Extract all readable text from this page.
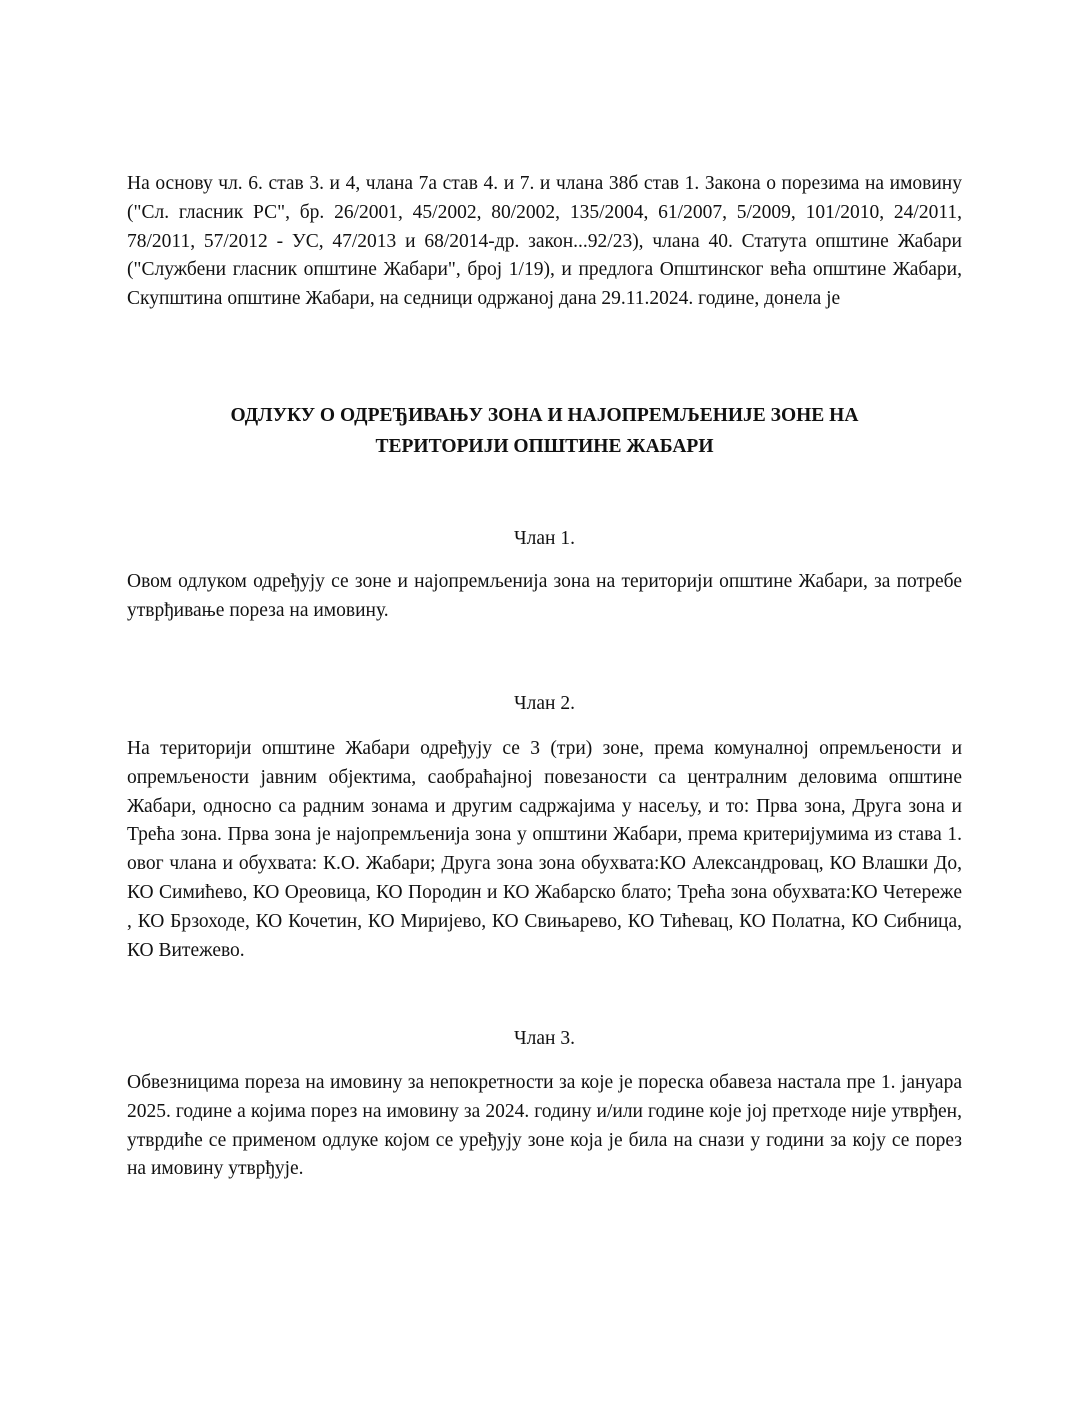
На основу чл. 6. став 3. и 4, члана 7а став 4. и 7. и члана 38б став 1. Закона о порезима на имовину ("Сл. гласник РС", бр. 26/2001, 45/2002, 80/2002, 135/2004, 61/2007, 5/2009, 101/2010, 24/2011, 78/2011, 57/2012 - УС, 47/2013 и 68/2014-др. закон...92/23), члана 40. Статута општине Жабари ("Службени гласник општине Жабари", број 1/19), и предлога Општинског већа општине Жабари, Скупштина општине Жабари, на седници одржаној дана 29.11.2024. године, донела је

ОДЛУКУ О ОДРЕЂИВАЊУ ЗОНА И НАЈОПРЕМЉЕНИЈЕ ЗОНЕ НА
ТЕРИТОРИЈИ ОПШТИНЕ ЖАБАРИ

Члан 1.

Овом одлуком одређују се зоне и најопремљенија зона на територији општине Жабари, за потребе утврђивање пореза на имовину.

Члан 2.

На територији општине Жабари одређују се 3 (три) зоне, према комуналној опремљености и опремљености јавним објектима, саобраћајној повезаности са централним деловима општине Жабари, односно са радним зонама и другим садржајима у насељу, и то: Прва зона, Друга зона и Трећа зона. Прва зона је најопремљенија зона у општини Жабари, према критеријумима из става 1. овог члана и обухвата: К.О. Жабари; Друга зона зона обухвата:КО Александровац, КО Влашки До, КО Симићево, КО Ореовица, КО Породин и КО Жабарско блато; Трећа зона обухвата:КО Четережe , КО Брзоходе, КО Кочетин, КО Миријево, КО Свињарево, КО Тићевац, КО Полатна, КО Сибница, КО Витежево.

Члан 3.

Обвезницима пореза на имовину за непокретности за које је пореска обавеза настала пре 1. јануара 2025. године а којима порез на имовину за 2024. годину и/или године које јој претходе није утврђен, утврдиће се применом одлуке којом се уређују зоне која је била на снази у години за коју се порез на имовину утврђује.
